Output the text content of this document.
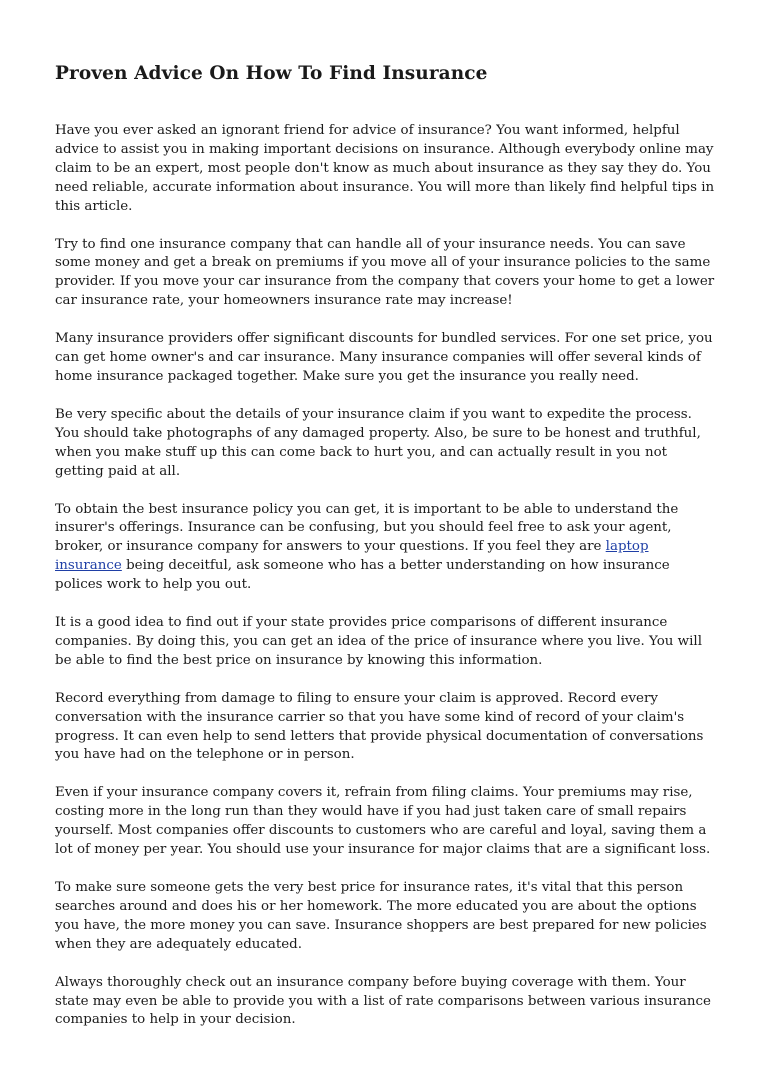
Proven Advice On How To Find Insurance

Have you ever asked an ignorant friend for advice of insurance? You want informed, helpful advice to assist you in making important decisions on insurance. Although everybody online may claim to be an expert, most people don't know as much about insurance as they say they do. You need reliable, accurate information about insurance. You will more than likely find helpful tips in this article.

Try to find one insurance company that can handle all of your insurance needs. You can save some money and get a break on premiums if you move all of your insurance policies to the same provider. If you move your car insurance from the company that covers your home to get a lower car insurance rate, your homeowners insurance rate may increase!

Many insurance providers offer significant discounts for bundled services. For one set price, you can get home owner's and car insurance. Many insurance companies will offer several kinds of home insurance packaged together. Make sure you get the insurance you really need.

Be very specific about the details of your insurance claim if you want to expedite the process. You should take photographs of any damaged property. Also, be sure to be honest and truthful, when you make stuff up this can come back to hurt you, and can actually result in you not getting paid at all.

To obtain the best insurance policy you can get, it is important to be able to understand the insurer's offerings. Insurance can be confusing, but you should feel free to ask your agent, broker, or insurance company for answers to your questions. If you feel they are laptop insurance being deceitful, ask someone who has a better understanding on how insurance polices work to help you out.

It is a good idea to find out if your state provides price comparisons of different insurance companies. By doing this, you can get an idea of the price of insurance where you live. You will be able to find the best price on insurance by knowing this information.

Record everything from damage to filing to ensure your claim is approved. Record every conversation with the insurance carrier so that you have some kind of record of your claim's progress. It can even help to send letters that provide physical documentation of conversations you have had on the telephone or in person.

Even if your insurance company covers it, refrain from filing claims. Your premiums may rise, costing more in the long run than they would have if you had just taken care of small repairs yourself. Most companies offer discounts to customers who are careful and loyal, saving them a lot of money per year. You should use your insurance for major claims that are a significant loss.

To make sure someone gets the very best price for insurance rates, it's vital that this person searches around and does his or her homework. The more educated you are about the options you have, the more money you can save. Insurance shoppers are best prepared for new policies when they are adequately educated.

Always thoroughly check out an insurance company before buying coverage with them. Your state may even be able to provide you with a list of rate comparisons between various insurance companies to help in your decision.
